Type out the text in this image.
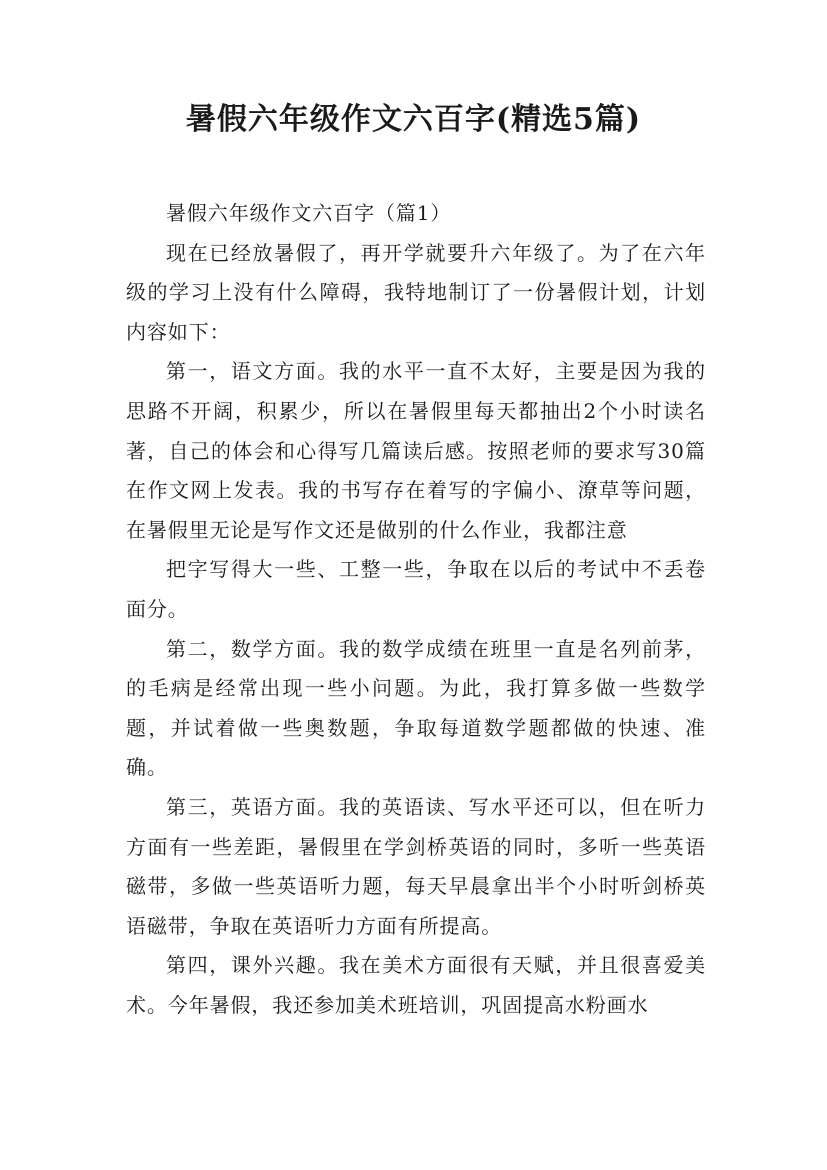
暑假六年级作文六百字(精选5篇)

暑假六年级作文六百字（篇1）

现在已经放暑假了，再开学就要升六年级了。为了在六年级的学习上没有什么障碍，我特地制订了一份暑假计划，计划内容如下：

第一，语文方面。我的水平一直不太好，主要是因为我的思路不开阔，积累少，所以在暑假里每天都抽出2个小时读名著，自己的体会和心得写几篇读后感。按照老师的要求写30篇在作文网上发表。我的书写存在着写的字偏小、潦草等问题，在暑假里无论是写作文还是做别的什么作业，我都注意

把字写得大一些、工整一些，争取在以后的考试中不丢卷面分。

第二，数学方面。我的数学成绩在班里一直是名列前茅，的毛病是经常出现一些小问题。为此，我打算多做一些数学题，并试着做一些奥数题，争取每道数学题都做的快速、准确。

第三，英语方面。我的英语读、写水平还可以，但在听力方面有一些差距，暑假里在学剑桥英语的同时，多听一些英语磁带，多做一些英语听力题，每天早晨拿出半个小时听剑桥英语磁带，争取在英语听力方面有所提高。

第四，课外兴趣。我在美术方面很有天赋，并且很喜爱美术。今年暑假，我还参加美术班培训，巩固提高水粉画水
